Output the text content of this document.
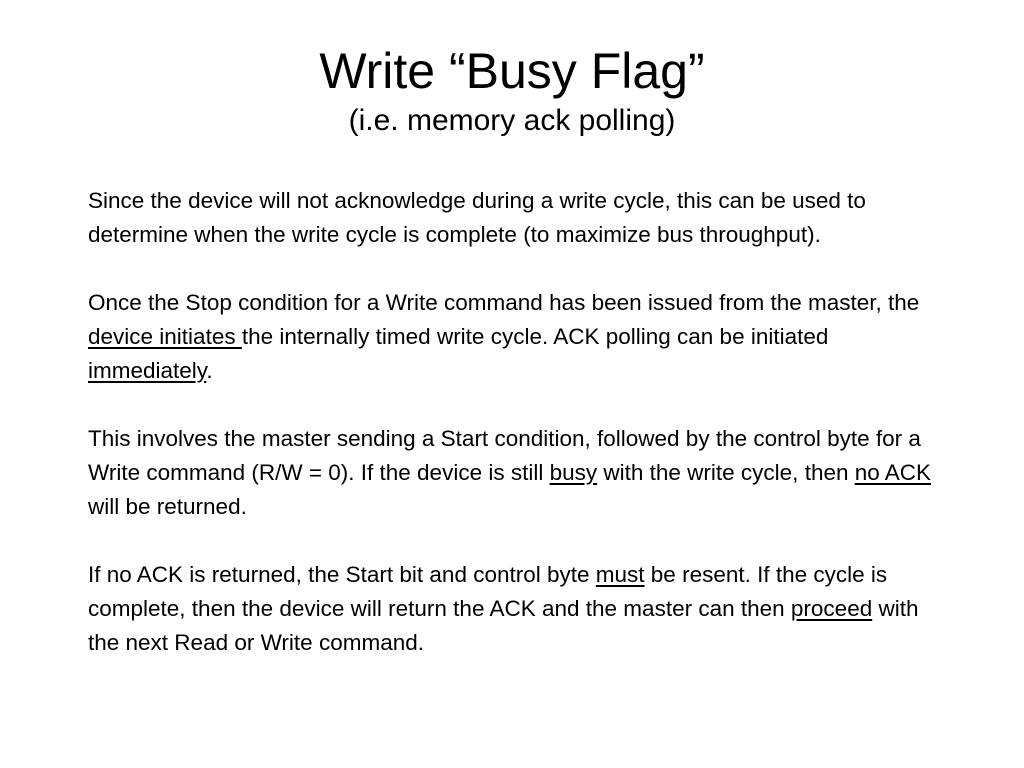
Write “Busy Flag”
(i.e. memory ack polling)

Since the device will not acknowledge during a write cycle, this can be used to determine when the write cycle is complete (to maximize bus throughput).

Once the Stop condition for a Write command has been issued from the master, the device initiates the internally timed write cycle. ACK polling can be initiated immediately.

This involves the master sending a Start condition, followed by the control byte for a Write command (R/W = 0). If the device is still busy with the write cycle, then no ACK will be returned.

If no ACK is returned, the Start bit and control byte must be resent. If the cycle is complete, then the device will return the ACK and the master can then proceed with the next Read or Write command.
